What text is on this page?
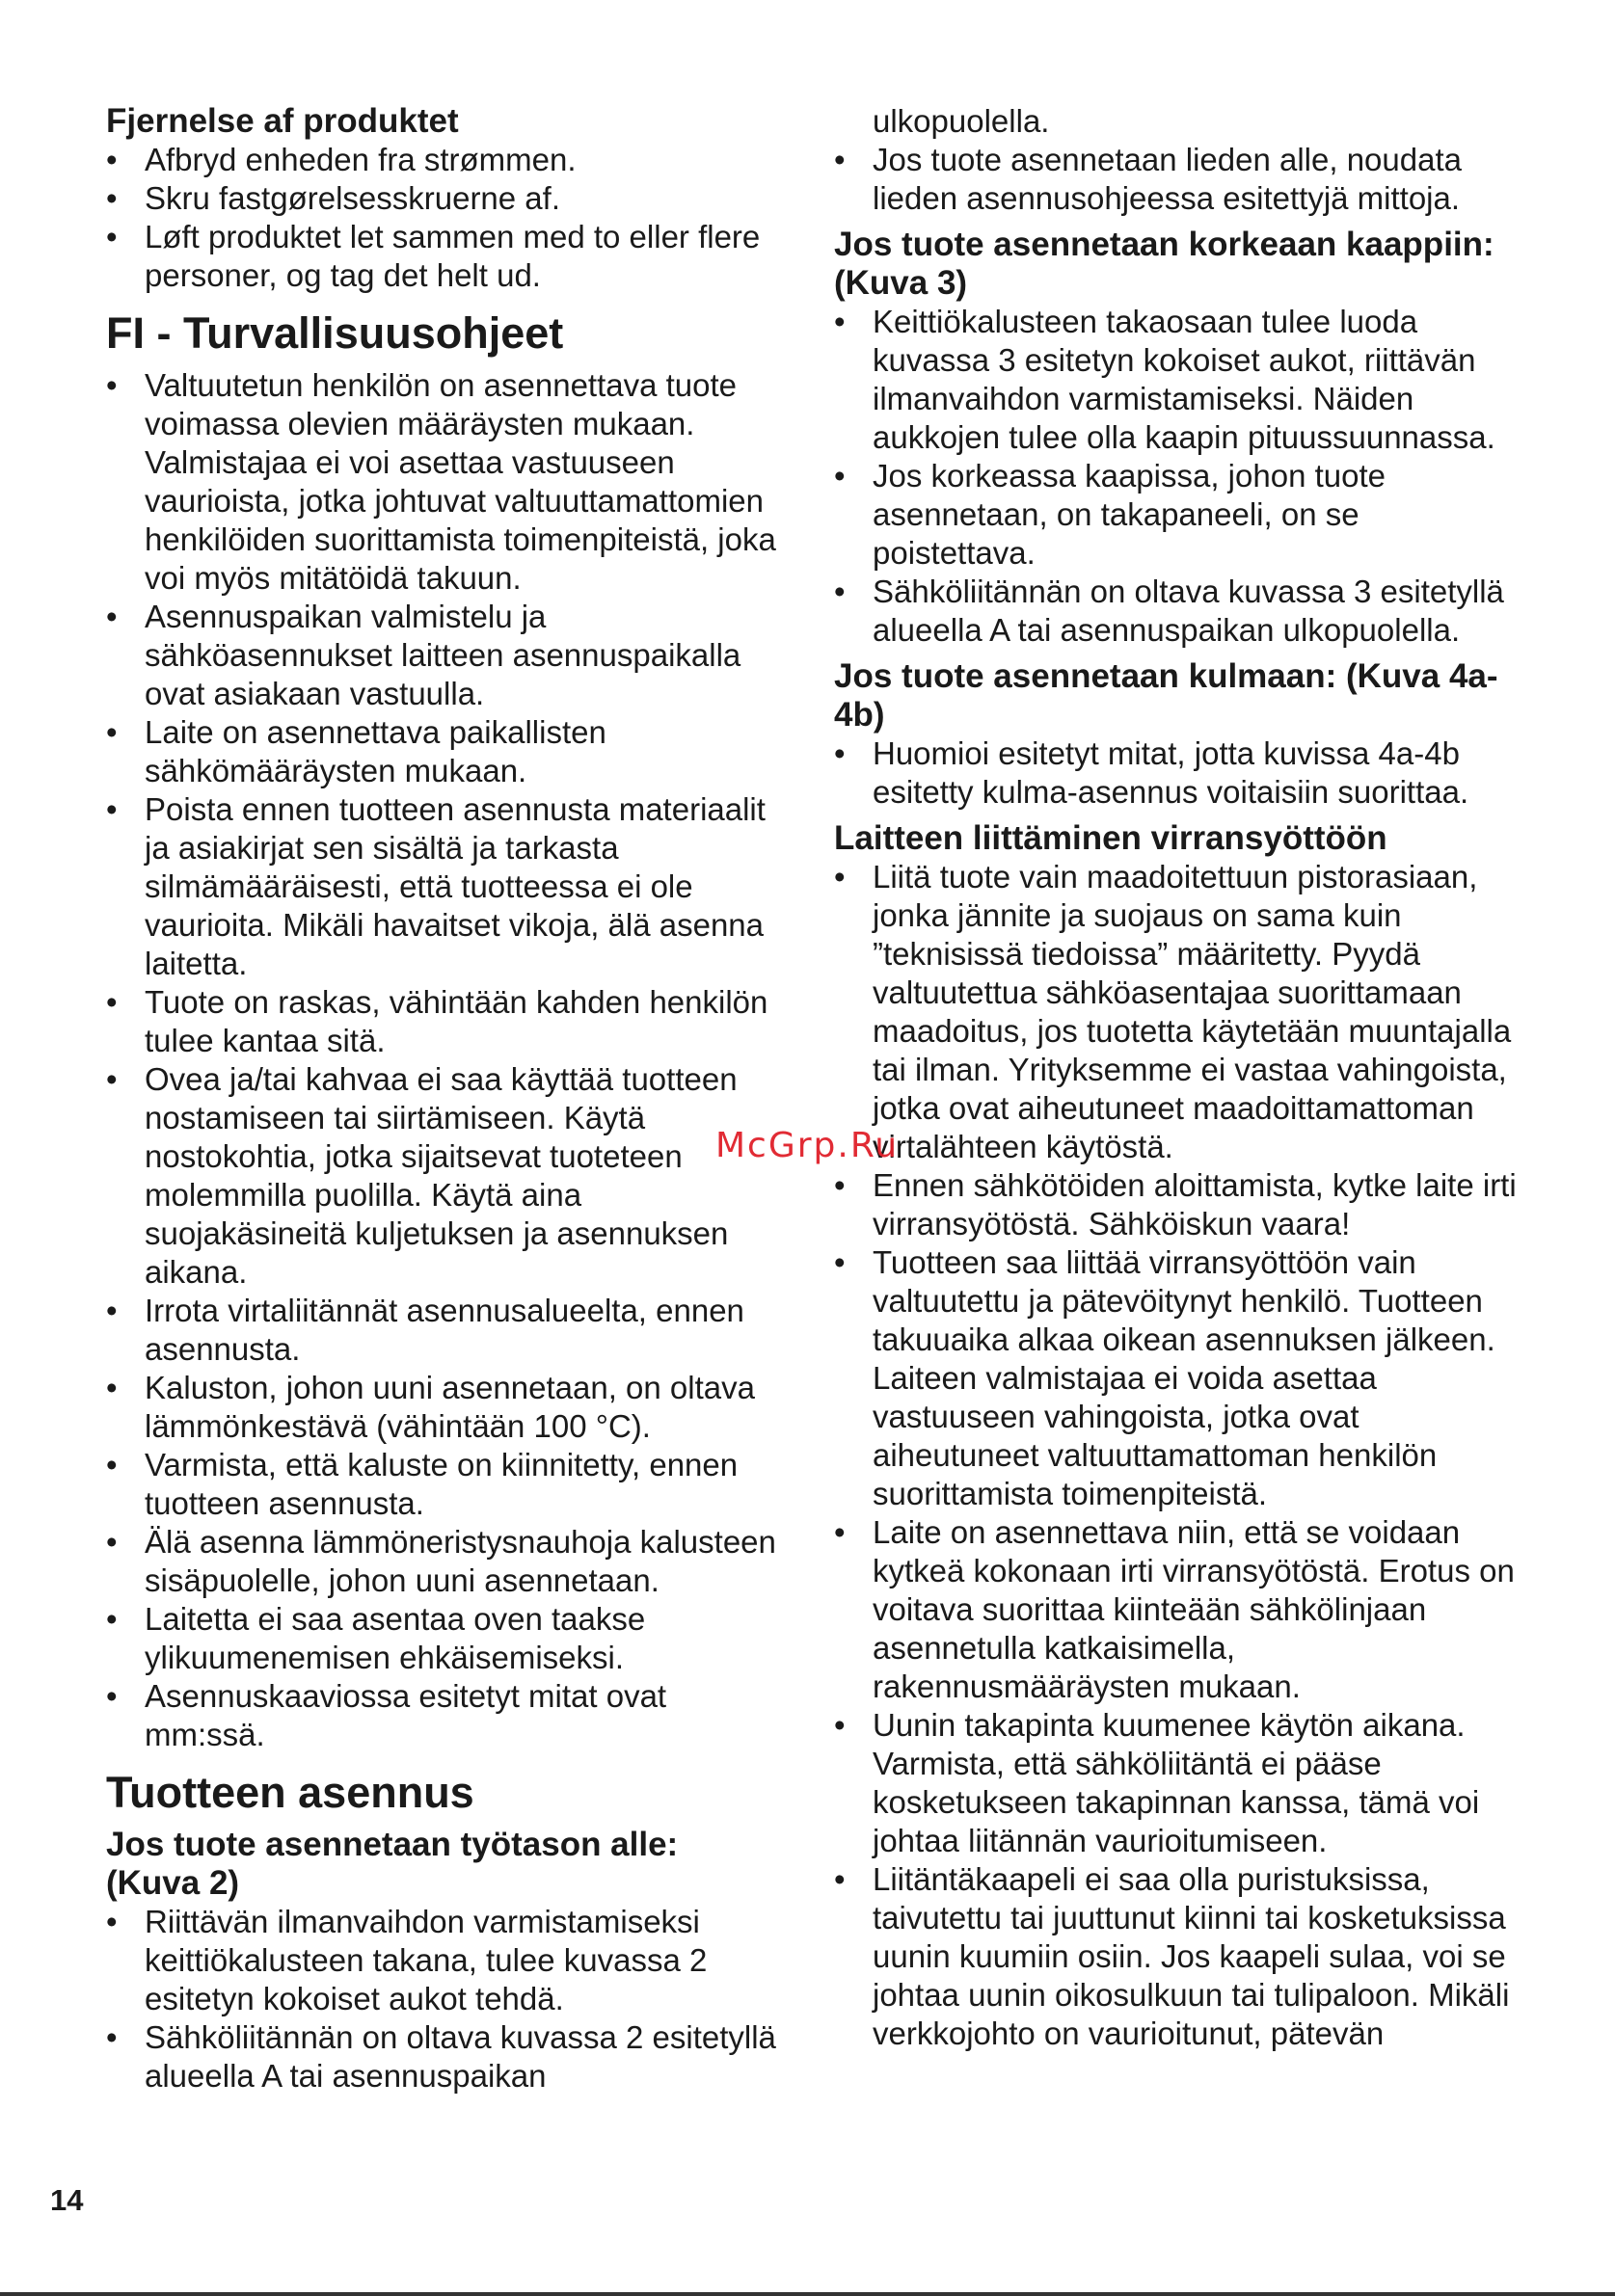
Fjernelse af produktet
• Afbryd enheden fra strømmen.
• Skru fastgørelsesskruerne af.
• Løft produktet let sammen med to eller flere personer, og tag det helt ud.
FI - Turvallisuusohjeet
• Valtuutetun henkilön on asennettava tuote voimassa olevien määräysten mukaan. Valmistajaa ei voi asettaa vastuuseen vaurioista, jotka johtuvat valtuuttamattomien henkilöiden suorittamista toimenpiteistä, joka voi myös mitätöidä takuun.
• Asennuspaikan valmistelu ja sähköasennukset laitteen asennuspaikalla ovat asiakaan vastuulla.
• Laite on asennettava paikallisten sähkömääräysten mukaan.
• Poista ennen tuotteen asennusta materiaalit ja asiakirjat sen sisältä ja tarkasta silmämääräisesti, että tuotteessa ei ole vaurioita. Mikäli havaitset vikoja, älä asenna laitetta.
• Tuote on raskas, vähintään kahden henkilön tulee kantaa sitä.
• Ovea ja/tai kahvaa ei saa käyttää tuotteen nostamiseen tai siirtämiseen. Käytä nostokohtia, jotka sijaitsevat tuoteteen molemmilla puolilla. Käytä aina suojakäsineitä kuljetuksen ja asennuksen aikana.
• Irrota virtaliitännät asennusalueelta, ennen asennusta.
• Kaluston, johon uuni asennetaan, on oltava lämmönkestävä (vähintään 100 °C).
• Varmista, että kaluste on kiinnitetty, ennen tuotteen asennusta.
• Älä asenna lämmöneristysnauhoja kalusteen sisäpuolelle, johon uuni asennetaan.
• Laitetta ei saa asentaa oven taakse ylikuumenemisen ehkäisemiseksi.
• Asennuskaaviossa esitetyt mitat ovat mm:ssä.
Tuotteen asennus
Jos tuote asennetaan työtason alle: (Kuva 2)
• Riittävän ilmanvaihdon varmistamiseksi keittiökalusteen takana, tulee kuvassa 2 esitetyn kokoiset aukot tehdä.
• Sähköliitännän on oltava kuvassa 2 esitetyllä alueella A tai asennuspaikan
ulkopuolella.
• Jos tuote asennetaan lieden alle, noudata lieden asennusohjeessa esitettyjä mittoja.
Jos tuote asennetaan korkeaan kaappiin: (Kuva 3)
• Keittiökalusteen takaosaan tulee luoda kuvassa 3 esitetyn kokoiset aukot, riittävän ilmanvaihdon varmistamiseksi. Näiden aukkojen tulee olla kaapin pituussuunnassa.
• Jos korkeassa kaapissa, johon tuote asennetaan, on takapaneeli, on se poistettava.
• Sähköliitännän on oltava kuvassa 3 esitetyllä alueella A tai asennuspaikan ulkopuolella.
Jos tuote asennetaan kulmaan: (Kuva 4a-4b)
• Huomioi esitetyt mitat, jotta kuvissa 4a-4b esitetty kulma-asennus voitaisiin suorittaa.
Laitteen liittäminen virransyöttöön
• Liitä tuote vain maadoitettuun pistorasiaan, jonka jännite ja suojaus on sama kuin ”teknisissä tiedoissa” määritetty. Pyydä valtuutettua sähköasentajaa suorittamaan maadoitus, jos tuotetta käytetään muuntajalla tai ilman. Yrityksemme ei vastaa vahingoista, jotka ovat aiheutuneet maadoittamattoman virtalähteen käytöstä.
• Ennen sähkötöiden aloittamista, kytke laite irti virransyötöstä. Sähköiskun vaara!
• Tuotteen saa liittää virransyöttöön vain valtuutettu ja pätevöitynyt henkilö. Tuotteen takuuaika alkaa oikean asennuksen jälkeen. Laiteen valmistajaa ei voida asettaa vastuuseen vahingoista, jotka ovat aiheutuneet valtuuttamattoman henkilön suorittamista toimenpiteistä.
• Laite on asennettava niin, että se voidaan kytkeä kokonaan irti virransyötöstä. Erotus on voitava suorittaa kiinteään sähkölinjaan asennetulla katkaisimella, rakennusmääräysten mukaan.
• Uunin takapinta kuumenee käytön aikana. Varmista, että sähköliitäntä ei pääse kosketukseen takapinnan kanssa, tämä voi johtaa liitännän vaurioitumiseen.
• Liitäntäkaapeli ei saa olla puristuksissa, taivutettu tai juuttunut kiinni tai kosketuksissa uunin kuumiin osiin. Jos kaapeli sulaa, voi se johtaa uunin oikosulkuun tai tulipaloon. Mikäli verkkojohto on vaurioitunut, pätevän
McGrp.Ru
14
